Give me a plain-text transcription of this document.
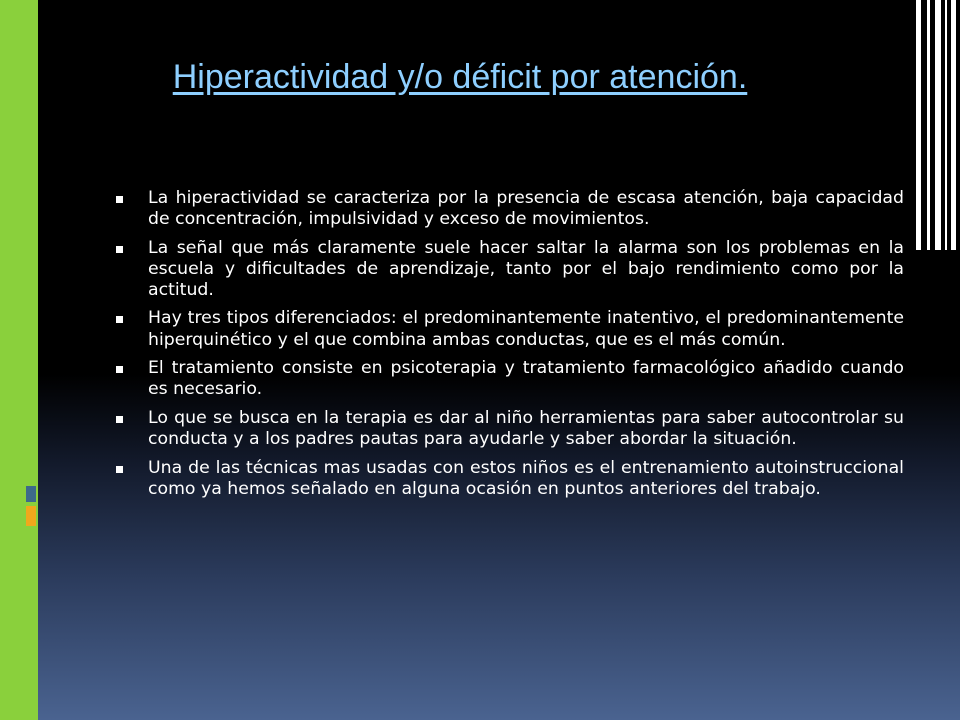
Hiperactividad y/o déficit por atención.
La hiperactividad se caracteriza por la presencia de escasa atención, baja capacidad de concentración, impulsividad y exceso de movimientos.
La señal que más claramente suele hacer saltar la alarma son los problemas en la escuela y dificultades de aprendizaje, tanto por el bajo rendimiento como por la actitud.
Hay tres tipos diferenciados: el predominantemente inatentivo, el predominantemente hiperquinético y el que combina ambas conductas, que es el más común.
El tratamiento consiste en psicoterapia y tratamiento farmacológico añadido cuando es necesario.
Lo que se busca en la terapia es dar al niño herramientas para saber autocontrolar su conducta y a los padres pautas para ayudarle y saber abordar la situación.
Una de las técnicas mas usadas con estos niños es el entrenamiento autoinstruccional como ya hemos señalado en alguna ocasión en puntos anteriores del trabajo.
